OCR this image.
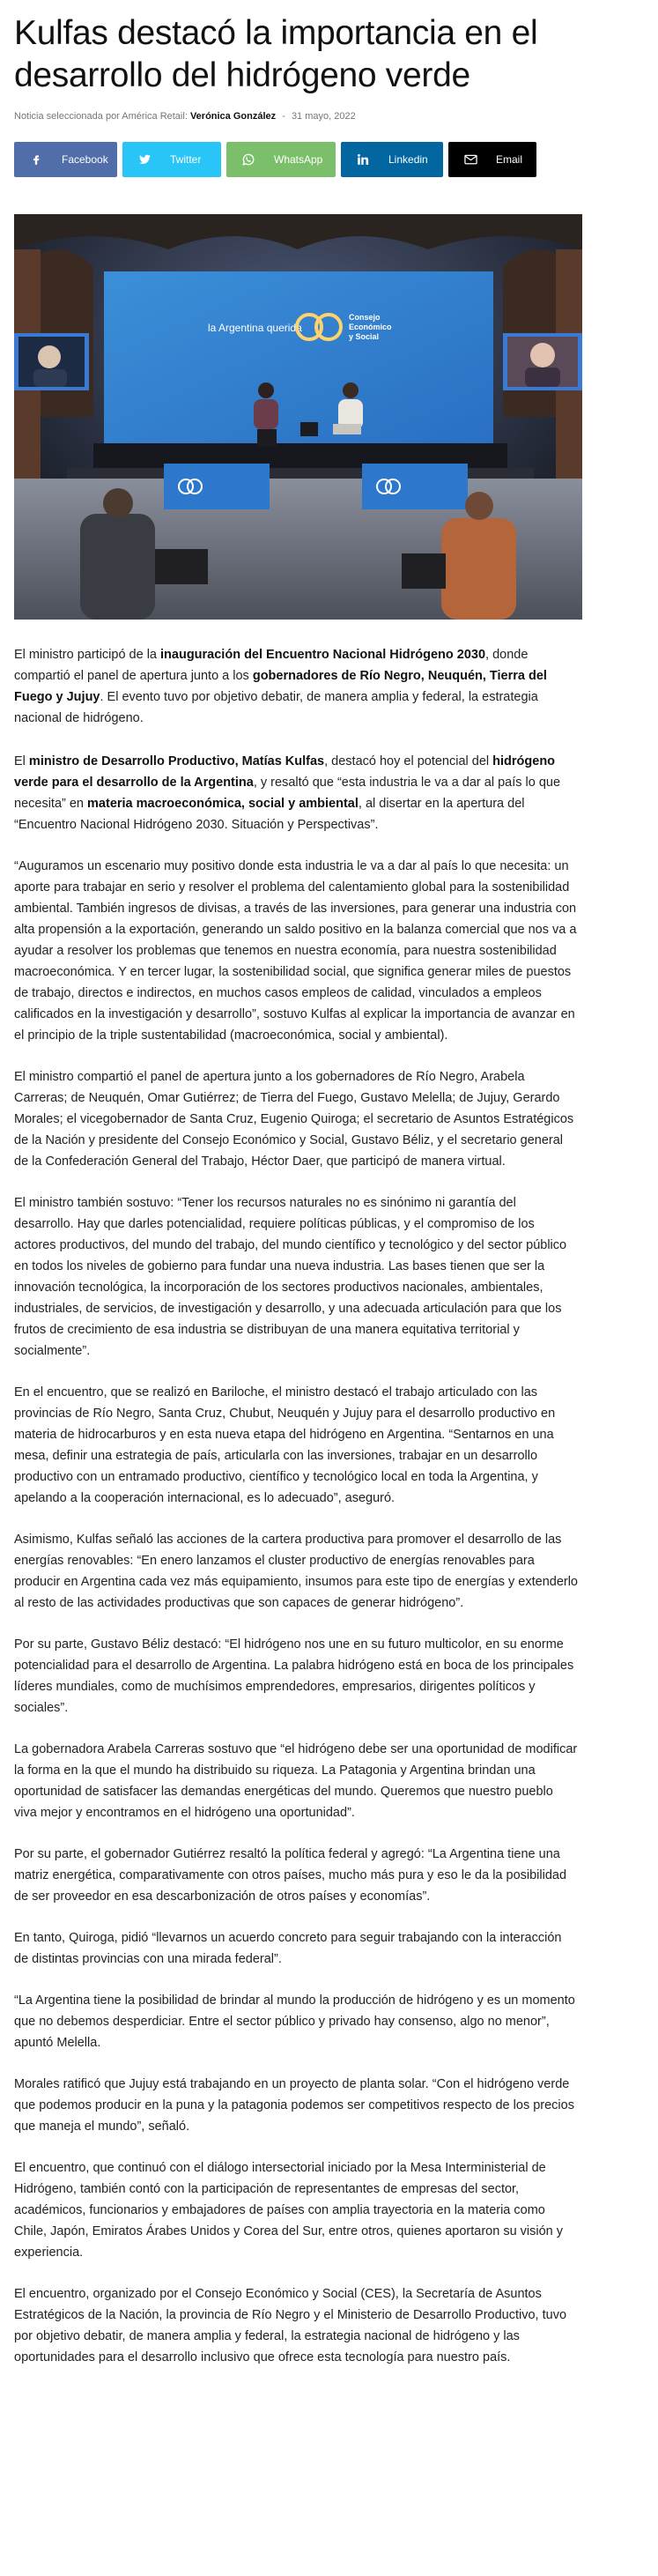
Kulfas destacó la importancia en el desarrollo del hidrógeno verde
Noticia seleccionada por América Retail: Verónica González - 31 mayo, 2022
Facebook	Twitter	WhatsApp	Linkedin	Email
la Argentina querida
Consejo
Económico
y Social

El ministro participó de la inauguración del Encuentro Nacional Hidrógeno 2030, donde compartió el panel de apertura junto a los gobernadores de Río Negro, Neuquén, Tierra del Fuego y Jujuy. El evento tuvo por objetivo debatir, de manera amplia y federal, la estrategia nacional de hidrógeno.

El ministro de Desarrollo Productivo, Matías Kulfas, destacó hoy el potencial del hidrógeno verde para el desarrollo de la Argentina, y resaltó que “esta industria le va a dar al país lo que necesita” en materia macroeconómica, social y ambiental, al disertar en la apertura del “Encuentro Nacional Hidrógeno 2030. Situación y Perspectivas”.

“Auguramos un escenario muy positivo donde esta industria le va a dar al país lo que necesita: un aporte para trabajar en serio y resolver el problema del calentamiento global para la sostenibilidad ambiental. También ingresos de divisas, a través de las inversiones, para generar una industria con alta propensión a la exportación, generando un saldo positivo en la balanza comercial que nos va a ayudar a resolver los problemas que tenemos en nuestra economía, para nuestra sostenibilidad macroeconómica. Y en tercer lugar, la sostenibilidad social, que significa generar miles de puestos de trabajo, directos e indirectos, en muchos casos empleos de calidad, vinculados a empleos calificados en la investigación y desarrollo”, sostuvo Kulfas al explicar la importancia de avanzar en el principio de la triple sustentabilidad (macroeconómica, social y ambiental).

El ministro compartió el panel de apertura junto a los gobernadores de Río Negro, Arabela Carreras; de Neuquén, Omar Gutiérrez; de Tierra del Fuego, Gustavo Melella; de Jujuy, Gerardo Morales; el vicegobernador de Santa Cruz, Eugenio Quiroga; el secretario de Asuntos Estratégicos de la Nación y presidente del Consejo Económico y Social, Gustavo Béliz, y el secretario general de la Confederación General del Trabajo, Héctor Daer, que participó de manera virtual.

El ministro también sostuvo: “Tener los recursos naturales no es sinónimo ni garantía del desarrollo. Hay que darles potencialidad, requiere políticas públicas, y el compromiso de los actores productivos, del mundo del trabajo, del mundo científico y tecnológico y del sector público en todos los niveles de gobierno para fundar una nueva industria. Las bases tienen que ser la innovación tecnológica, la incorporación de los sectores productivos nacionales, ambientales, industriales, de servicios, de investigación y desarrollo, y una adecuada articulación para que los frutos de crecimiento de esa industria se distribuyan de una manera equitativa territorial y socialmente”.

En el encuentro, que se realizó en Bariloche, el ministro destacó el trabajo articulado con las provincias de Río Negro, Santa Cruz, Chubut, Neuquén y Jujuy para el desarrollo productivo en materia de hidrocarburos y en esta nueva etapa del hidrógeno en Argentina. “Sentarnos en una mesa, definir una estrategia de país, articularla con las inversiones, trabajar en un desarrollo productivo con un entramado productivo, científico y tecnológico local en toda la Argentina, y apelando a la cooperación internacional, es lo adecuado”, aseguró.

Asimismo, Kulfas señaló las acciones de la cartera productiva para promover el desarrollo de las energías renovables: “En enero lanzamos el cluster productivo de energías renovables para producir en Argentina cada vez más equipamiento, insumos para este tipo de energías y extenderlo al resto de las actividades productivas que son capaces de generar hidrógeno”.

Por su parte, Gustavo Béliz destacó: “El hidrógeno nos une en su futuro multicolor, en su enorme potencialidad para el desarrollo de Argentina. La palabra hidrógeno está en boca de los principales líderes mundiales, como de muchísimos emprendedores, empresarios, dirigentes políticos y sociales”.

La gobernadora Arabela Carreras sostuvo que “el hidrógeno debe ser una oportunidad de modificar la forma en la que el mundo ha distribuido su riqueza. La Patagonia y Argentina brindan una oportunidad de satisfacer las demandas energéticas del mundo. Queremos que nuestro pueblo viva mejor y encontramos en el hidrógeno una oportunidad”.

Por su parte, el gobernador Gutiérrez resaltó la política federal y agregó: “La Argentina tiene una matriz energética, comparativamente con otros países, mucho más pura y eso le da la posibilidad de ser proveedor en esa descarbonización de otros países y economías”.

En tanto, Quiroga, pidió “llevarnos un acuerdo concreto para seguir trabajando con la interacción de distintas provincias con una mirada federal”.

“La Argentina tiene la posibilidad de brindar al mundo la producción de hidrógeno y es un momento que no debemos desperdiciar. Entre el sector público y privado hay consenso, algo no menor”, apuntó Melella.

Morales ratificó que Jujuy está trabajando en un proyecto de planta solar. “Con el hidrógeno verde que podemos producir en la puna y la patagonia podemos ser competitivos respecto de los precios que maneja el mundo”, señaló.

El encuentro, que continuó con el diálogo intersectorial iniciado por la Mesa Interministerial de Hidrógeno, también contó con la participación de representantes de empresas del sector, académicos, funcionarios y embajadores de países con amplia trayectoria en la materia como Chile, Japón, Emiratos Árabes Unidos y Corea del Sur, entre otros, quienes aportaron su visión y experiencia.

El encuentro, organizado por el Consejo Económico y Social (CES), la Secretaría de Asuntos Estratégicos de la Nación, la provincia de Río Negro y el Ministerio de Desarrollo Productivo, tuvo por objetivo debatir, de manera amplia y federal, la estrategia nacional de hidrógeno y las oportunidades para el desarrollo inclusivo que ofrece esta tecnología para nuestro país.
